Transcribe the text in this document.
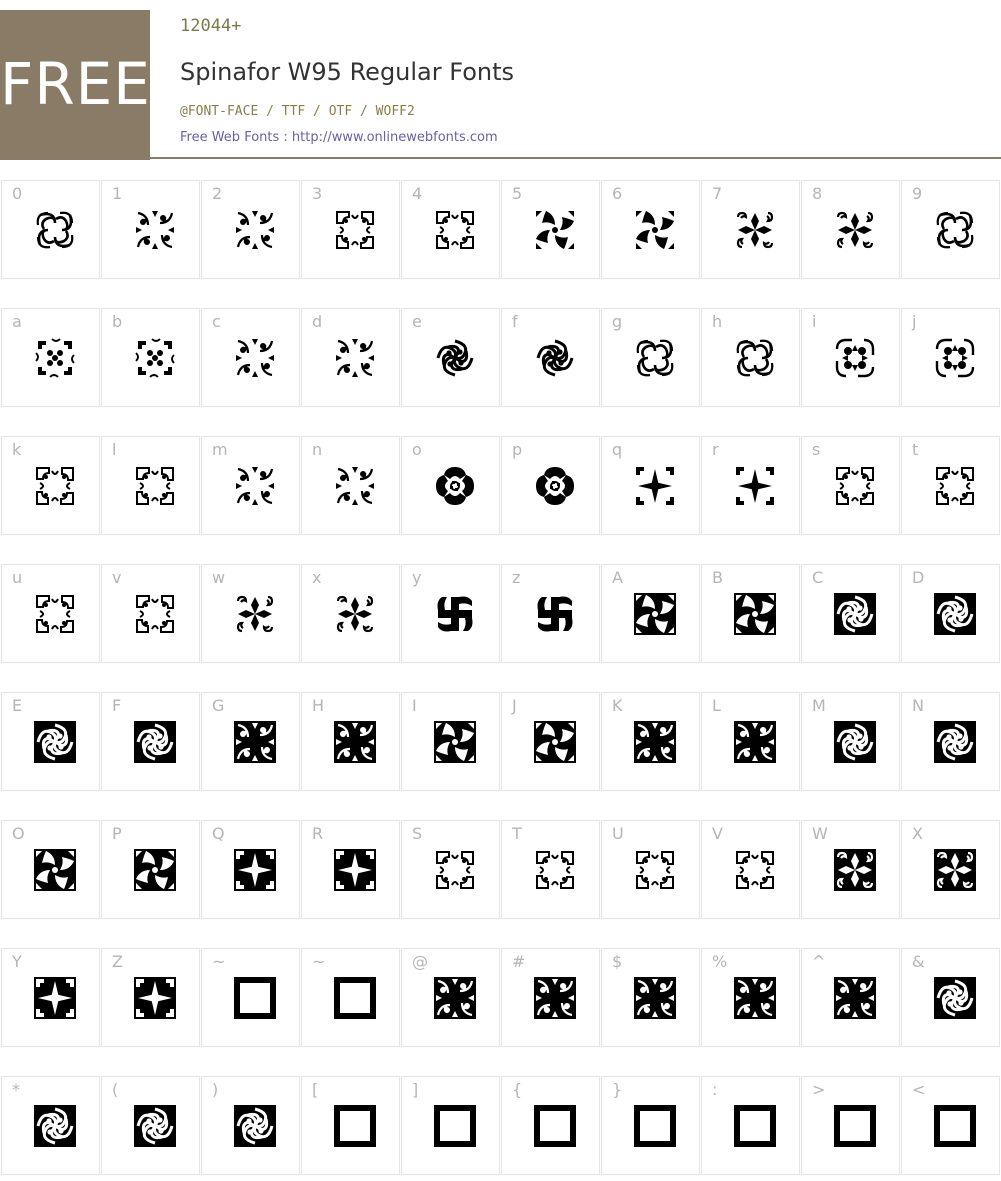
FREE
12044+
Spinafor W95 Regular Fonts
@FONT-FACE / TTF / OTF / WOFF2
Free Web Fonts : http://www.onlinewebfonts.com
0	1	2	3	4	5	6	7	8	9
a	b	c	d	e	f	g	h	i	j
k	l	m	n	o	p	q	r	s	t
u	v	w	x	y	z	A	B	C	D
E	F	G	H	I	J	K	L	M	N
O	P	Q	R	S	T	U	V	W	X
Y	Z	~	~	@	#	$	%	^	&
*	(	)	[	]	{	}	:	>	<
